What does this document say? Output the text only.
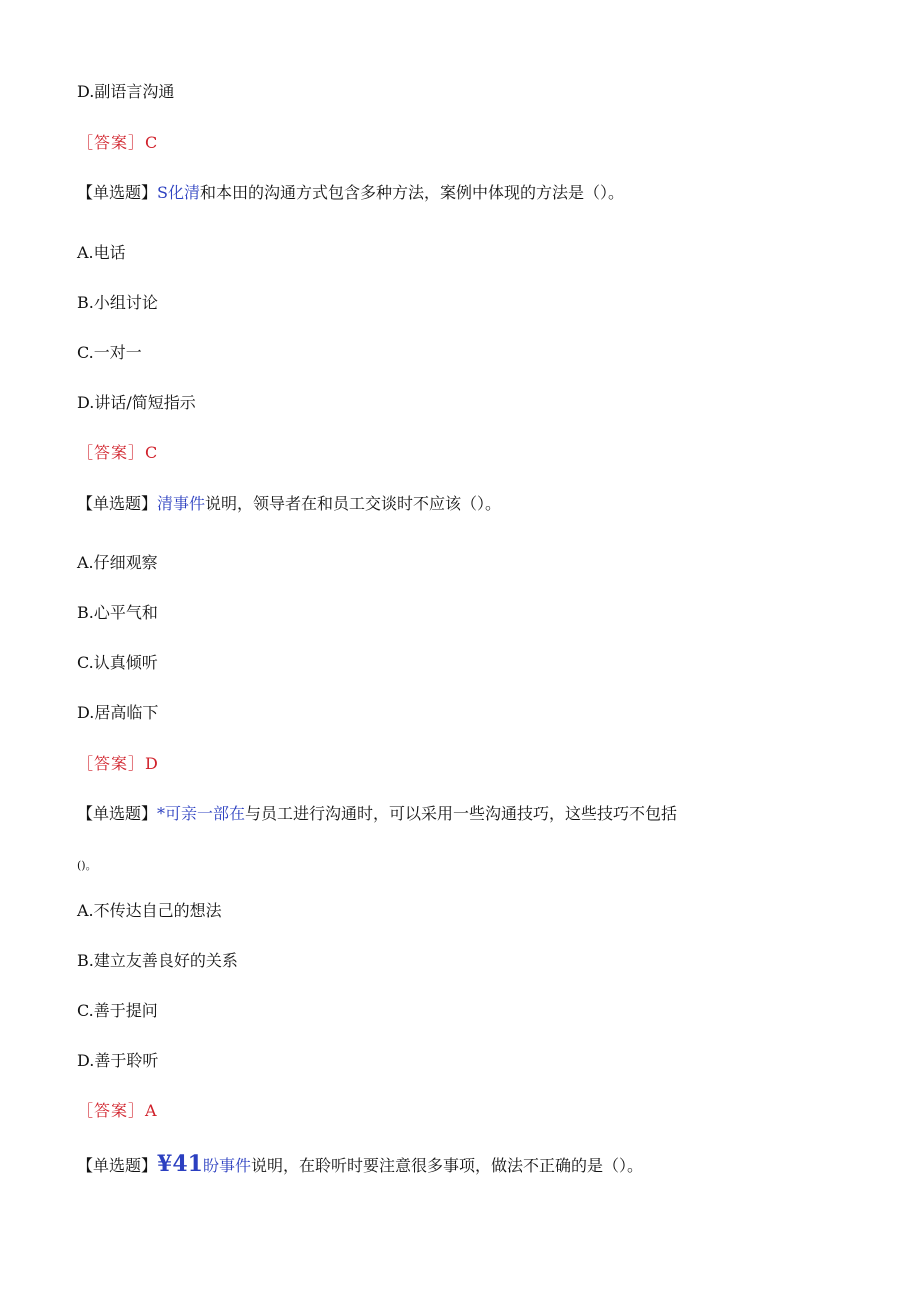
D.副语言沟通
［答案］C
【单选题】S化清和本田的沟通方式包含多种方法，案例中体现的方法是（）。
A.电话
B.小组讨论
C.一对一
D.讲话/简短指示
［答案］C
【单选题】清事件说明，领导者在和员工交谈时不应该（）。
A.仔细观察
B.心平气和
C.认真倾听
D.居高临下
［答案］D
【单选题】*可亲一部在与员工进行沟通时，可以采用一些沟通技巧，这些技巧不包括
()。
A.不传达自己的想法
B.建立友善良好的关系
C.善于提问
D.善于聆听
［答案］A
【单选题】¥41盼事件说明，在聆听时要注意很多事项，做法不正确的是（）。
